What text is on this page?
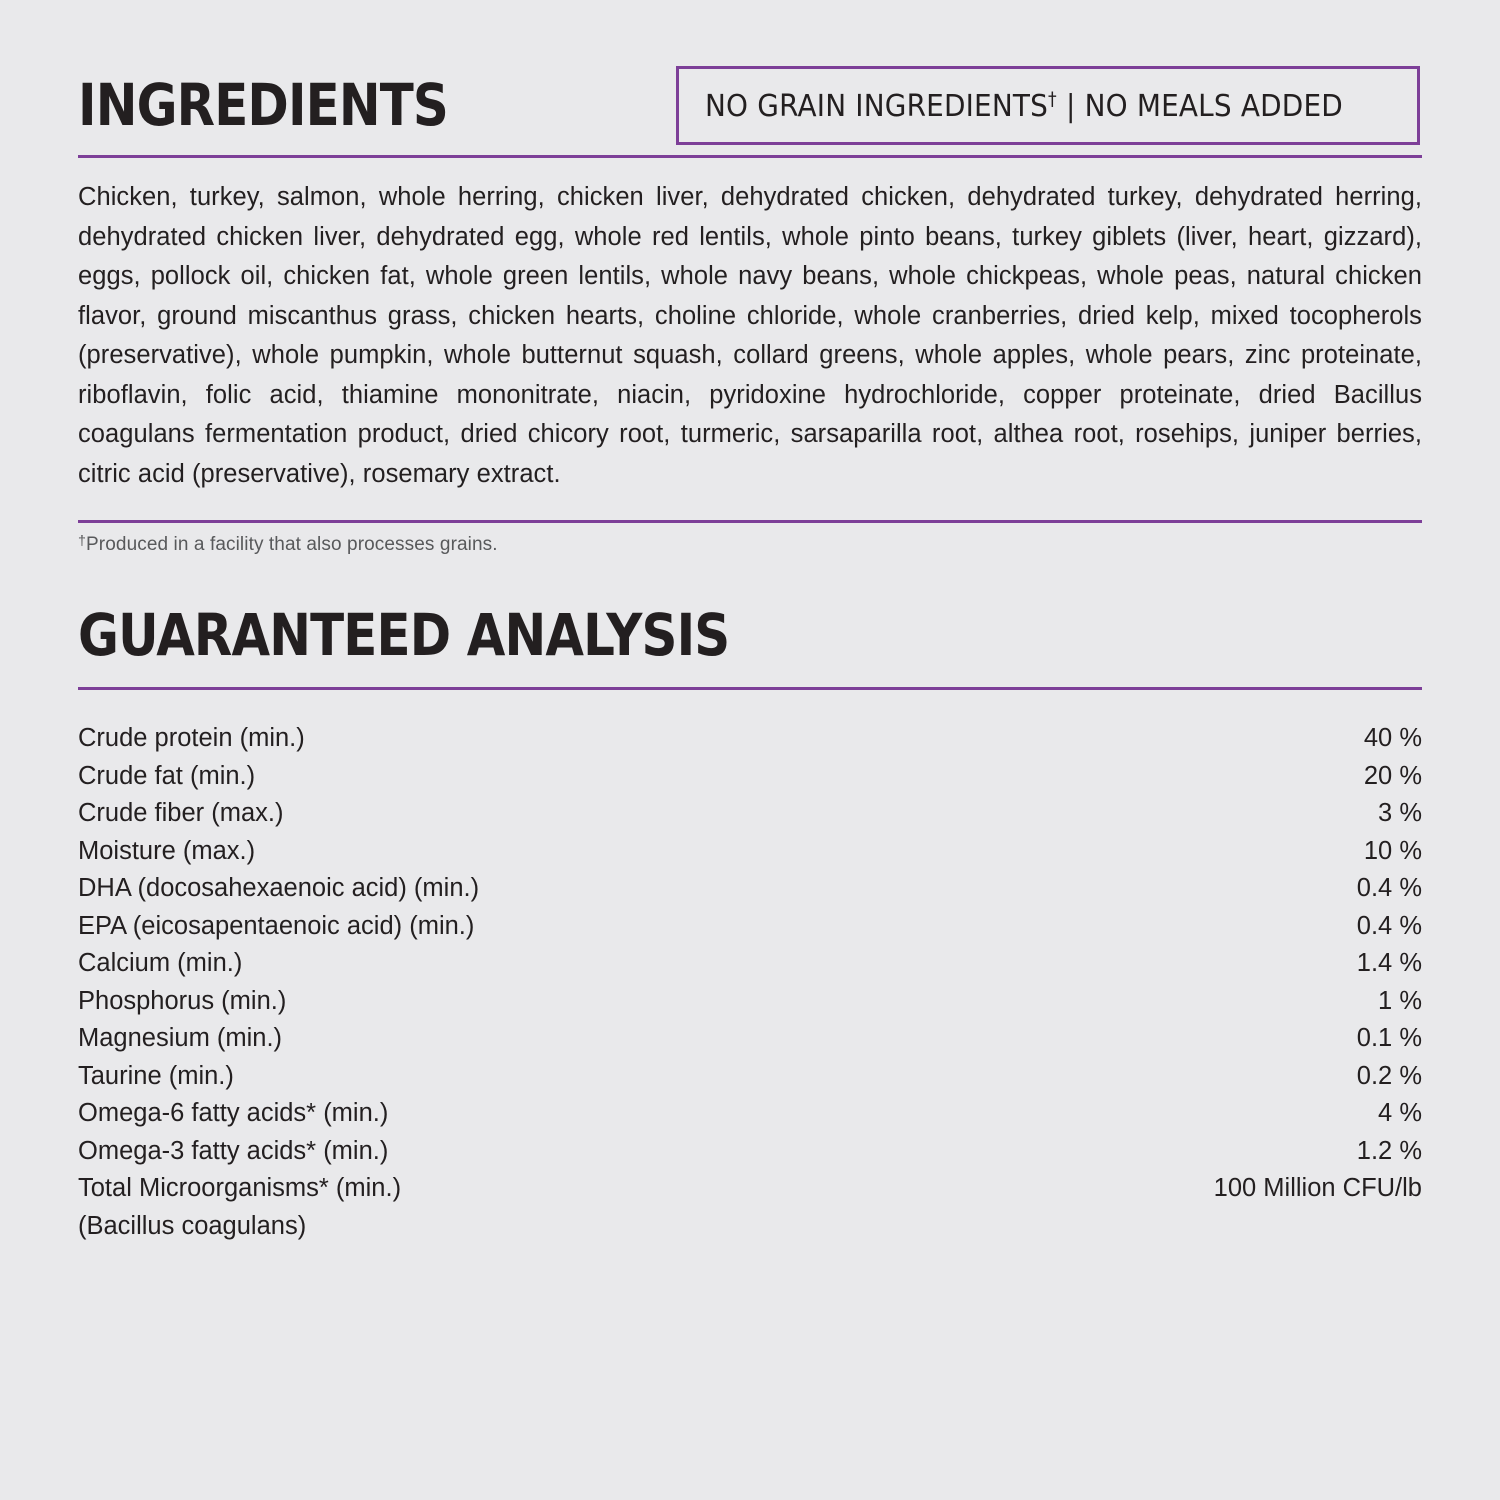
INGREDIENTS	NO GRAIN INGREDIENTS† | NO MEALS ADDED
Chicken, turkey, salmon, whole herring, chicken liver, dehydrated chicken, dehydrated turkey, dehydrated herring, dehydrated chicken liver, dehydrated egg, whole red lentils, whole pinto beans, turkey giblets (liver, heart, gizzard), eggs, pollock oil, chicken fat, whole green lentils, whole navy beans, whole chickpeas, whole peas, natural chicken flavor, ground miscanthus grass, chicken hearts, choline chloride, whole cranberries, dried kelp, mixed tocopherols (preservative), whole pumpkin, whole butternut squash, collard greens, whole apples, whole pears, zinc proteinate, riboflavin, folic acid, thiamine mononitrate, niacin, pyridoxine hydrochloride, copper proteinate, dried Bacillus coagulans fermentation product, dried chicory root, turmeric, sarsaparilla root, althea root, rosehips, juniper berries, citric acid (preservative), rosemary extract.
†Produced in a facility that also processes grains.
GUARANTEED ANALYSIS
Crude protein (min.)	40 %
Crude fat (min.)	20 %
Crude fiber (max.)	3 %
Moisture (max.)	10 %
DHA (docosahexaenoic acid) (min.)	0.4 %
EPA (eicosapentaenoic acid) (min.)	0.4 %
Calcium (min.)	1.4 %
Phosphorus (min.)	1 %
Magnesium (min.)	0.1 %
Taurine (min.)	0.2 %
Omega-6 fatty acids* (min.)	4 %
Omega-3 fatty acids* (min.)	1.2 %
Total Microorganisms* (min.)	100 Million CFU/lb
(Bacillus coagulans)	
